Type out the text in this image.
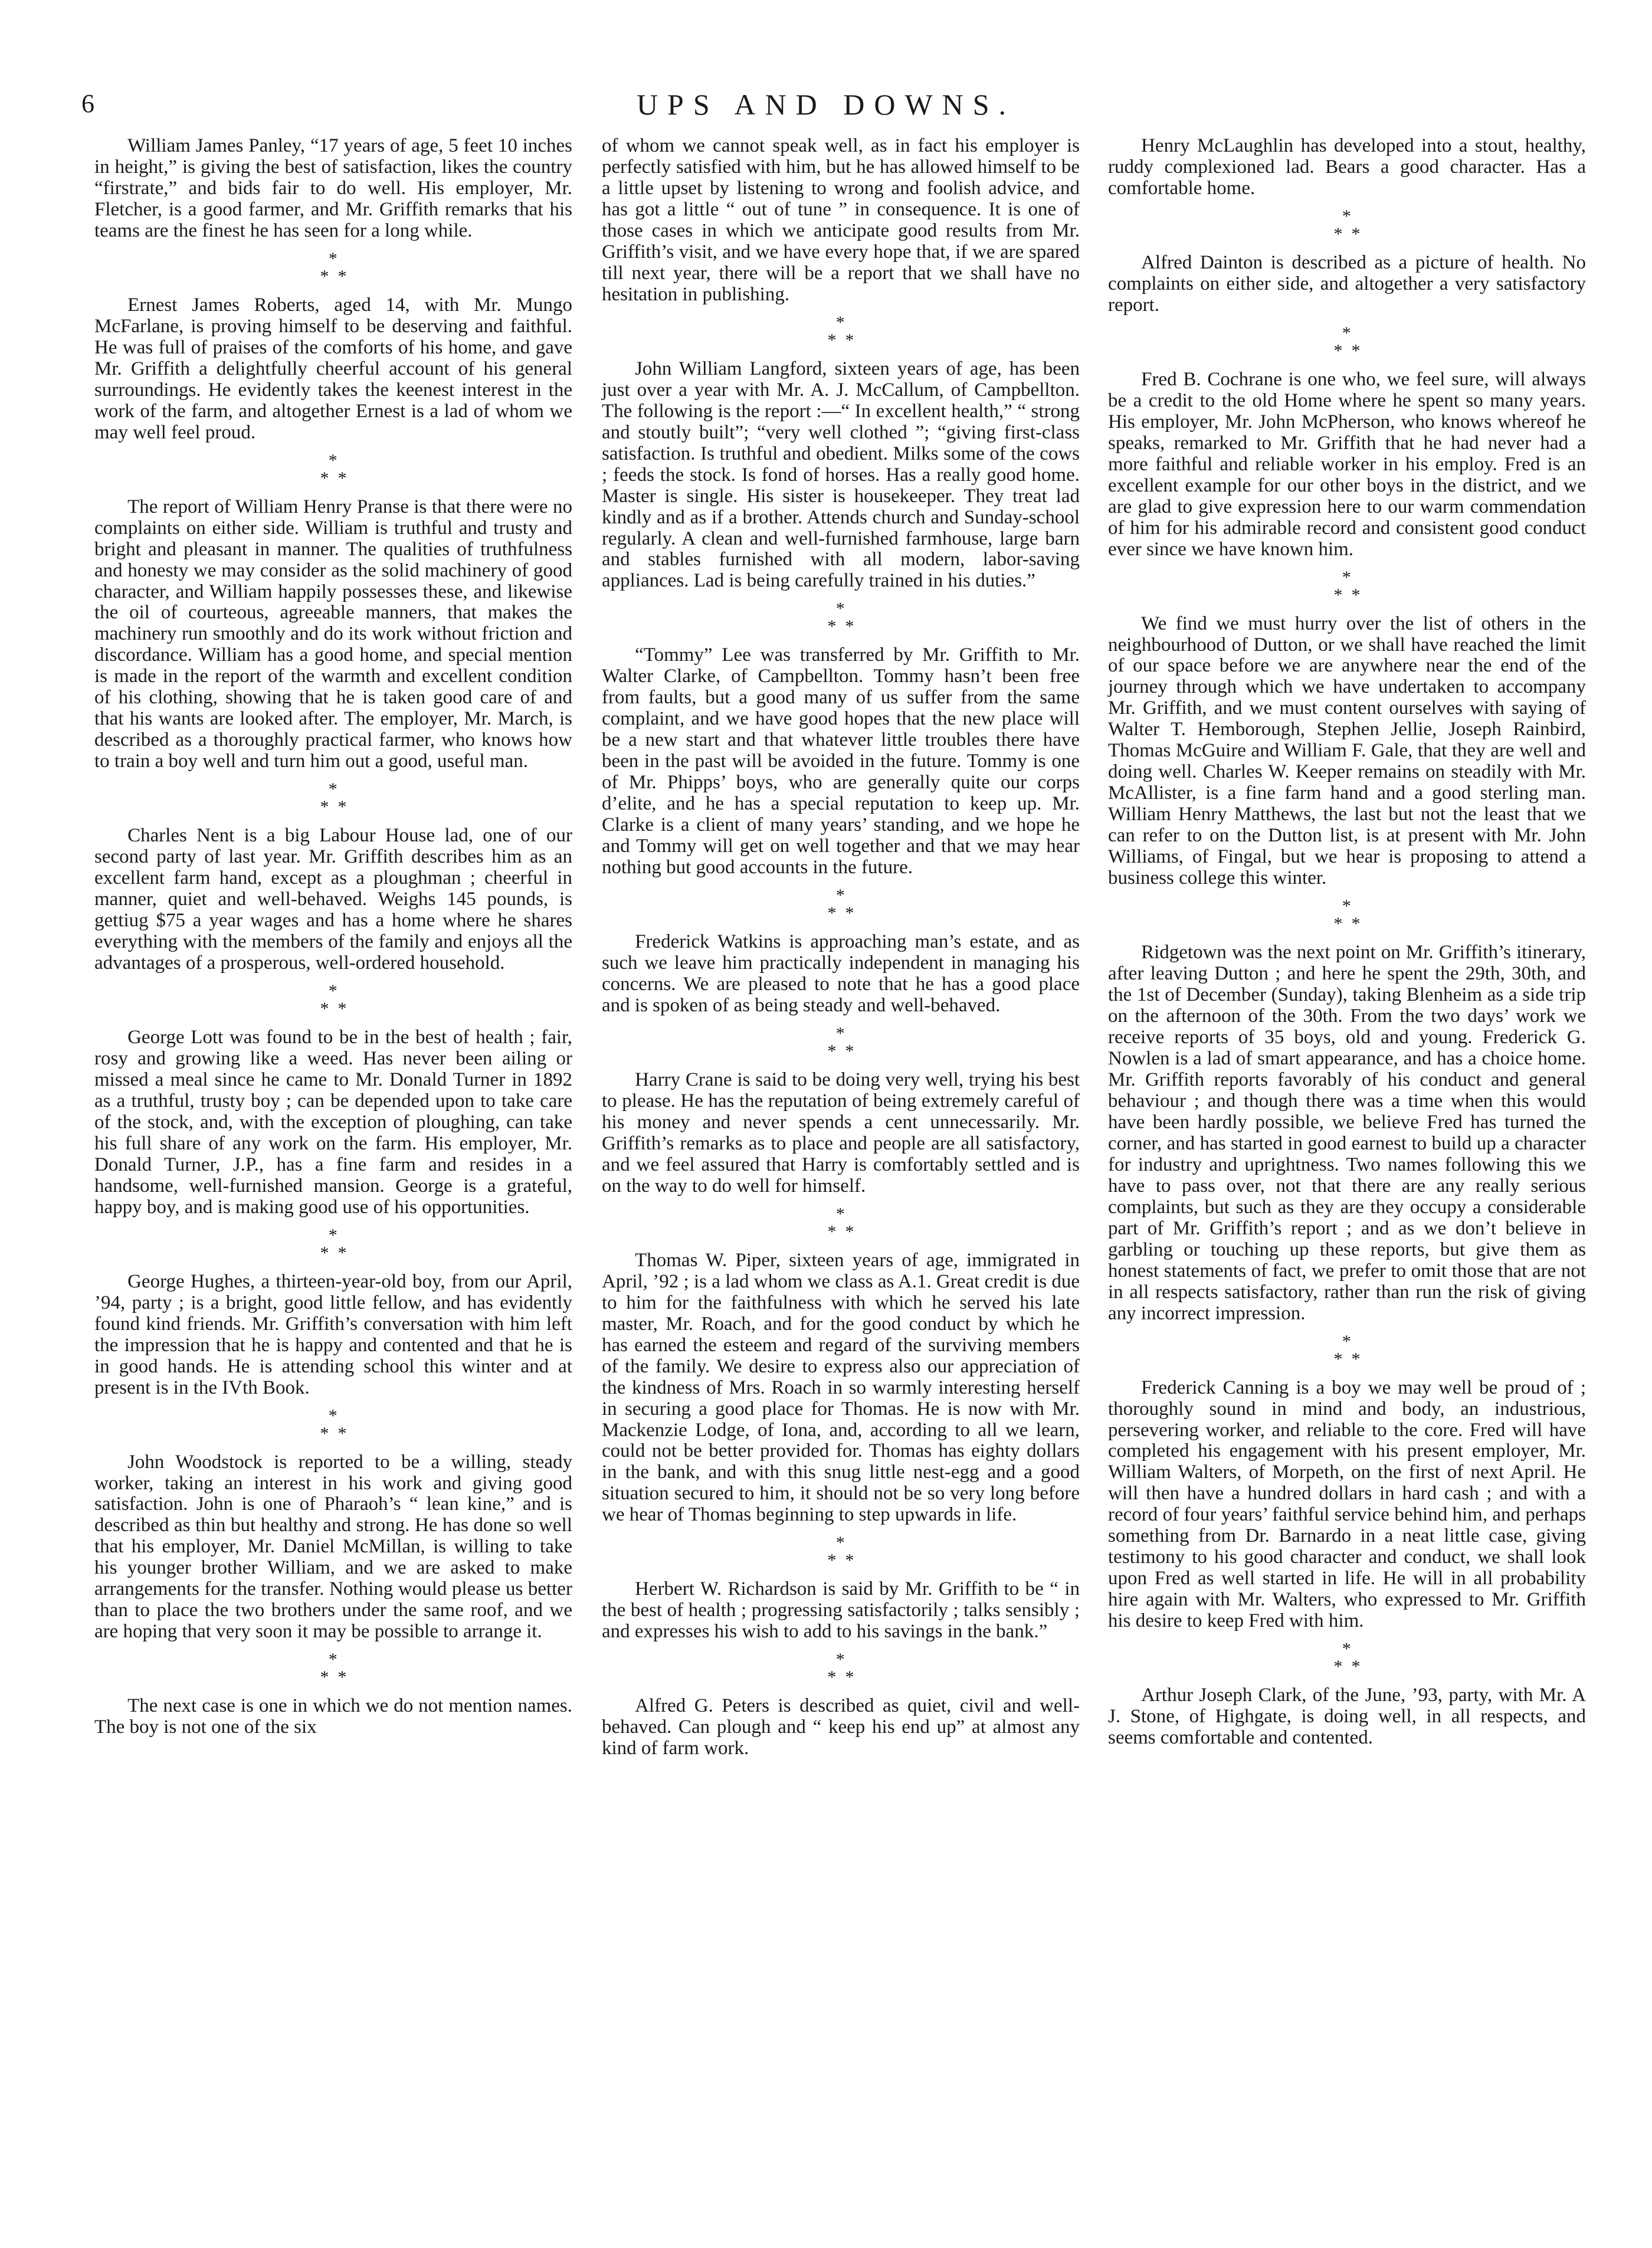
6	UPS AND DOWNS.

William James Panley, “17 years of age, 5 feet 10 inches in height,” is giving the best of satisfaction, likes the country “firstrate,” and bids fair to do well. His employer, Mr. Fletcher, is a good farmer, and Mr. Griffith remarks that his teams are the finest he has seen for a long while.

*
**

Ernest James Roberts, aged 14, with Mr. Mungo McFarlane, is proving himself to be deserving and faithful. He was full of praises of the comforts of his home, and gave Mr. Griffith a delightfully cheerful account of his general surroundings. He evidently takes the keenest interest in the work of the farm, and altogether Ernest is a lad of whom we may well feel proud.

*
**

The report of William Henry Pranse is that there were no complaints on either side. William is truthful and trusty and bright and pleasant in manner. The qualities of truthfulness and honesty we may consider as the solid machinery of good character, and William happily possesses these, and likewise the oil of courteous, agreeable manners, that makes the machinery run smoothly and do its work without friction and discordance. William has a good home, and special mention is made in the report of the warmth and excellent condition of his clothing, showing that he is taken good care of and that his wants are looked after. The employer, Mr. March, is described as a thoroughly practical farmer, who knows how to train a boy well and turn him out a good, useful man.

*
**

Charles Nent is a big Labour House lad, one of our second party of last year. Mr. Griffith describes him as an excellent farm hand, except as a ploughman ; cheerful in manner, quiet and well-behaved. Weighs 145 pounds, is gettiug $75 a year wages and has a home where he shares everything with the members of the family and enjoys all the advantages of a prosperous, well-ordered household.

*
**

George Lott was found to be in the best of health ; fair, rosy and growing like a weed. Has never been ailing or missed a meal since he came to Mr. Donald Turner in 1892 as a truthful, trusty boy ; can be depended upon to take care of the stock, and, with the exception of ploughing, can take his full share of any work on the farm. His employer, Mr. Donald Turner, J.P., has a fine farm and resides in a handsome, well-furnished mansion. George is a grateful, happy boy, and is making good use of his opportunities.

*
**

George Hughes, a thirteen-year-old boy, from our April, ’94, party ; is a bright, good little fellow, and has evidently found kind friends. Mr. Griffith’s conversation with him left the impression that he is happy and contented and that he is in good hands. He is attending school this winter and at present is in the IVth Book.

*
**

John Woodstock is reported to be a willing, steady worker, taking an interest in his work and giving good satisfaction. John is one of Pharaoh’s “ lean kine,” and is described as thin but healthy and strong. He has done so well that his employer, Mr. Daniel McMillan, is willing to take his younger brother William, and we are asked to make arrangements for the transfer. Nothing would please us better than to place the two brothers under the same roof, and we are hoping that very soon it may be possible to arrange it.

*
**

The next case is one in which we do not mention names. The boy is not one of the six

of whom we cannot speak well, as in fact his employer is perfectly satisfied with him, but he has allowed himself to be a little upset by listening to wrong and foolish advice, and has got a little “ out of tune ” in consequence. It is one of those cases in which we anticipate good results from Mr. Griffith’s visit, and we have every hope that, if we are spared till next year, there will be a report that we shall have no hesitation in publishing.

*
**

John William Langford, sixteen years of age, has been just over a year with Mr. A. J. McCallum, of Campbellton. The following is the report :—“ In excellent health,” “ strong and stoutly built”; “very well clothed ”; “giving first-class satisfaction. Is truthful and obedient. Milks some of the cows ; feeds the stock. Is fond of horses. Has a really good home. Master is single. His sister is housekeeper. They treat lad kindly and as if a brother. Attends church and Sunday-school regularly. A clean and well-furnished farmhouse, large barn and stables furnished with all modern, labor-saving appliances. Lad is being carefully trained in his duties.”

*
**

“Tommy” Lee was transferred by Mr. Griffith to Mr. Walter Clarke, of Campbellton. Tommy hasn’t been free from faults, but a good many of us suffer from the same complaint, and we have good hopes that the new place will be a new start and that whatever little troubles there have been in the past will be avoided in the future. Tommy is one of Mr. Phipps’ boys, who are generally quite our corps d’elite, and he has a special reputation to keep up. Mr. Clarke is a client of many years’ standing, and we hope he and Tommy will get on well together and that we may hear nothing but good accounts in the future.

*
**

Frederick Watkins is approaching man’s estate, and as such we leave him practically independent in managing his concerns. We are pleased to note that he has a good place and is spoken of as being steady and well-behaved.

*
**

Harry Crane is said to be doing very well, trying his best to please. He has the reputation of being extremely careful of his money and never spends a cent unnecessarily. Mr. Griffith’s remarks as to place and people are all satisfactory, and we feel assured that Harry is comfortably settled and is on the way to do well for himself.

*
**

Thomas W. Piper, sixteen years of age, immigrated in April, ’92 ; is a lad whom we class as A.1. Great credit is due to him for the faithfulness with which he served his late master, Mr. Roach, and for the good conduct by which he has earned the esteem and regard of the surviving members of the family. We desire to express also our appreciation of the kindness of Mrs. Roach in so warmly interesting herself in securing a good place for Thomas. He is now with Mr. Mackenzie Lodge, of Iona, and, according to all we learn, could not be better provided for. Thomas has eighty dollars in the bank, and with this snug little nest-egg and a good situation secured to him, it should not be so very long before we hear of Thomas beginning to step upwards in life.

*
**

Herbert W. Richardson is said by Mr. Griffith to be “ in the best of health ; progressing satisfactorily ; talks sensibly ; and expresses his wish to add to his savings in the bank.”

*
**

Alfred G. Peters is described as quiet, civil and well-behaved. Can plough and “ keep his end up” at almost any kind of farm work.

Henry McLaughlin has developed into a stout, healthy, ruddy complexioned lad. Bears a good character. Has a comfortable home.

*
**

Alfred Dainton is described as a picture of health. No complaints on either side, and altogether a very satisfactory report.

*
**

Fred B. Cochrane is one who, we feel sure, will always be a credit to the old Home where he spent so many years. His employer, Mr. John McPherson, who knows whereof he speaks, remarked to Mr. Griffith that he had never had a more faithful and reliable worker in his employ. Fred is an excellent example for our other boys in the district, and we are glad to give expression here to our warm commendation of him for his admirable record and consistent good conduct ever since we have known him.

*
**

We find we must hurry over the list of others in the neighbourhood of Dutton, or we shall have reached the limit of our space before we are anywhere near the end of the journey through which we have undertaken to accompany Mr. Griffith, and we must content ourselves with saying of Walter T. Hemborough, Stephen Jellie, Joseph Rainbird, Thomas McGuire and William F. Gale, that they are well and doing well. Charles W. Keeper remains on steadily with Mr. McAllister, is a fine farm hand and a good sterling man. William Henry Matthews, the last but not the least that we can refer to on the Dutton list, is at present with Mr. John Williams, of Fingal, but we hear is proposing to attend a business college this winter.

*
**

Ridgetown was the next point on Mr. Griffith’s itinerary, after leaving Dutton ; and here he spent the 29th, 30th, and the 1st of December (Sunday), taking Blenheim as a side trip on the afternoon of the 30th. From the two days’ work we receive reports of 35 boys, old and young. Frederick G. Nowlen is a lad of smart appearance, and has a choice home. Mr. Griffith reports favorably of his conduct and general behaviour ; and though there was a time when this would have been hardly possible, we believe Fred has turned the corner, and has started in good earnest to build up a character for industry and uprightness. Two names following this we have to pass over, not that there are any really serious complaints, but such as they are they occupy a considerable part of Mr. Griffith’s report ; and as we don’t believe in garbling or touching up these reports, but give them as honest statements of fact, we prefer to omit those that are not in all respects satisfactory, rather than run the risk of giving any incorrect impression.

*
**

Frederick Canning is a boy we may well be proud of ; thoroughly sound in mind and body, an industrious, persevering worker, and reliable to the core. Fred will have completed his engagement with his present employer, Mr. William Walters, of Morpeth, on the first of next April. He will then have a hundred dollars in hard cash ; and with a record of four years’ faithful service behind him, and perhaps something from Dr. Barnardo in a neat little case, giving testimony to his good character and conduct, we shall look upon Fred as well started in life. He will in all probability hire again with Mr. Walters, who expressed to Mr. Griffith his desire to keep Fred with him.

*
**

Arthur Joseph Clark, of the June, ’93, party, with Mr. A J. Stone, of Highgate, is doing well, in all respects, and seems comfortable and contented.
